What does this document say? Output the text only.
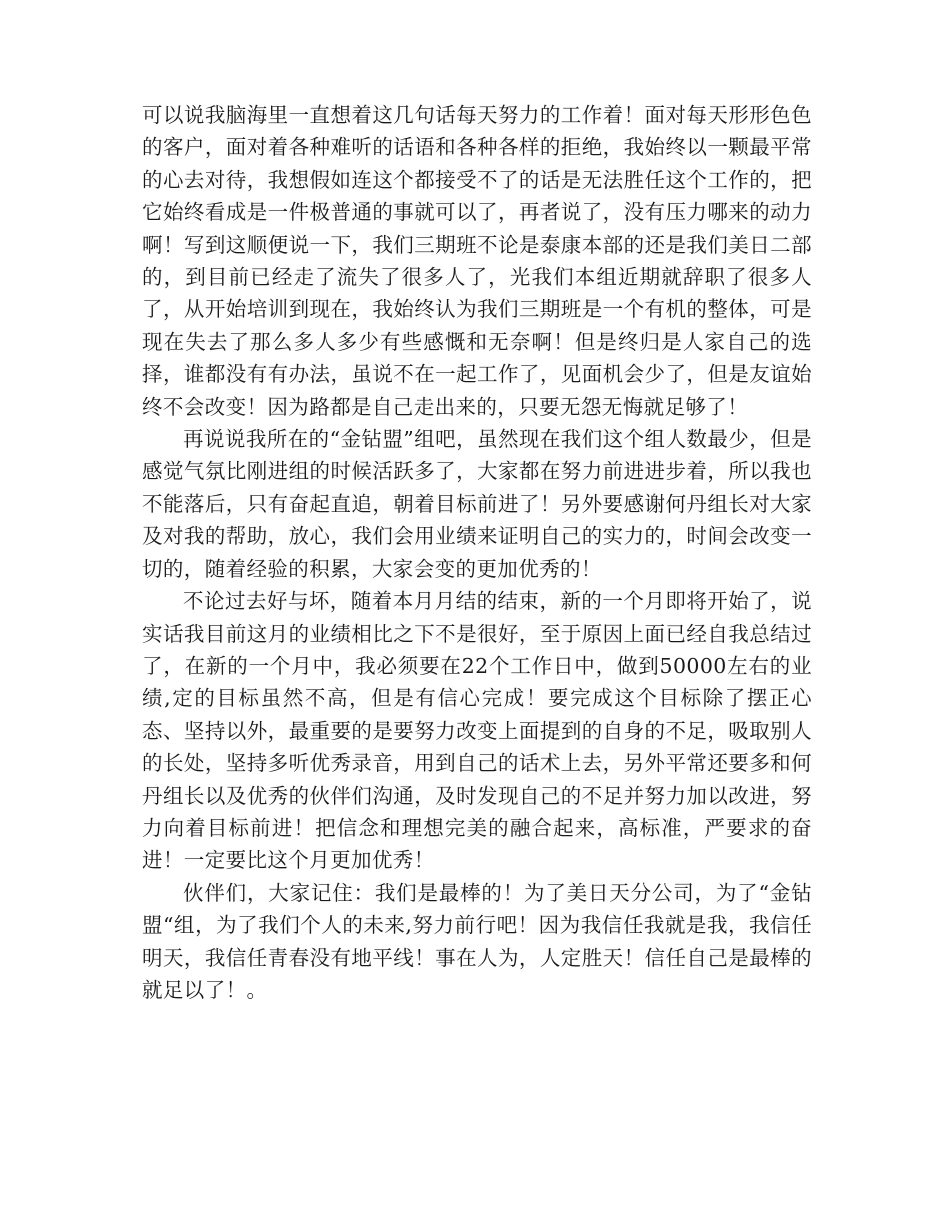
可以说我脑海里一直想着这几句话每天努力的工作着！面对每天形形色色的客户，面对着各种难听的话语和各种各样的拒绝，我始终以一颗最平常的心去对待，我想假如连这个都接受不了的话是无法胜任这个工作的，把它始终看成是一件极普通的事就可以了，再者说了，没有压力哪来的动力啊！写到这顺便说一下，我们三期班不论是泰康本部的还是我们美日二部的，到目前已经走了流失了很多人了，光我们本组近期就辞职了很多人了，从开始培训到现在，我始终认为我们三期班是一个有机的整体，可是现在失去了那么多人多少有些感慨和无奈啊！但是终归是人家自己的选择，谁都没有有办法，虽说不在一起工作了，见面机会少了，但是友谊始终不会改变！因为路都是自己走出来的，只要无怨无悔就足够了！

再说说我所在的“金钻盟”组吧，虽然现在我们这个组人数最少，但是感觉气氛比刚进组的时候活跃多了，大家都在努力前进进步着，所以我也不能落后，只有奋起直追，朝着目标前进了！另外要感谢何丹组长对大家及对我的帮助，放心，我们会用业绩来证明自己的实力的，时间会改变一切的，随着经验的积累，大家会变的更加优秀的！

不论过去好与坏，随着本月月结的结束，新的一个月即将开始了，说实话我目前这月的业绩相比之下不是很好，至于原因上面已经自我总结过了，在新的一个月中，我必须要在22个工作日中，做到50000左右的业绩,定的目标虽然不高，但是有信心完成！要完成这个目标除了摆正心态、坚持以外，最重要的是要努力改变上面提到的自身的不足，吸取别人的长处，坚持多听优秀录音，用到自己的话术上去，另外平常还要多和何丹组长以及优秀的伙伴们沟通，及时发现自己的不足并努力加以改进，努力向着目标前进！把信念和理想完美的融合起来，高标准，严要求的奋进！一定要比这个月更加优秀！

伙伴们，大家记住：我们是最棒的！为了美日天分公司，为了“金钻盟“组，为了我们个人的未来,努力前行吧！因为我信任我就是我，我信任明天，我信任青春没有地平线！事在人为，人定胜天！信任自己是最棒的就足以了！。
